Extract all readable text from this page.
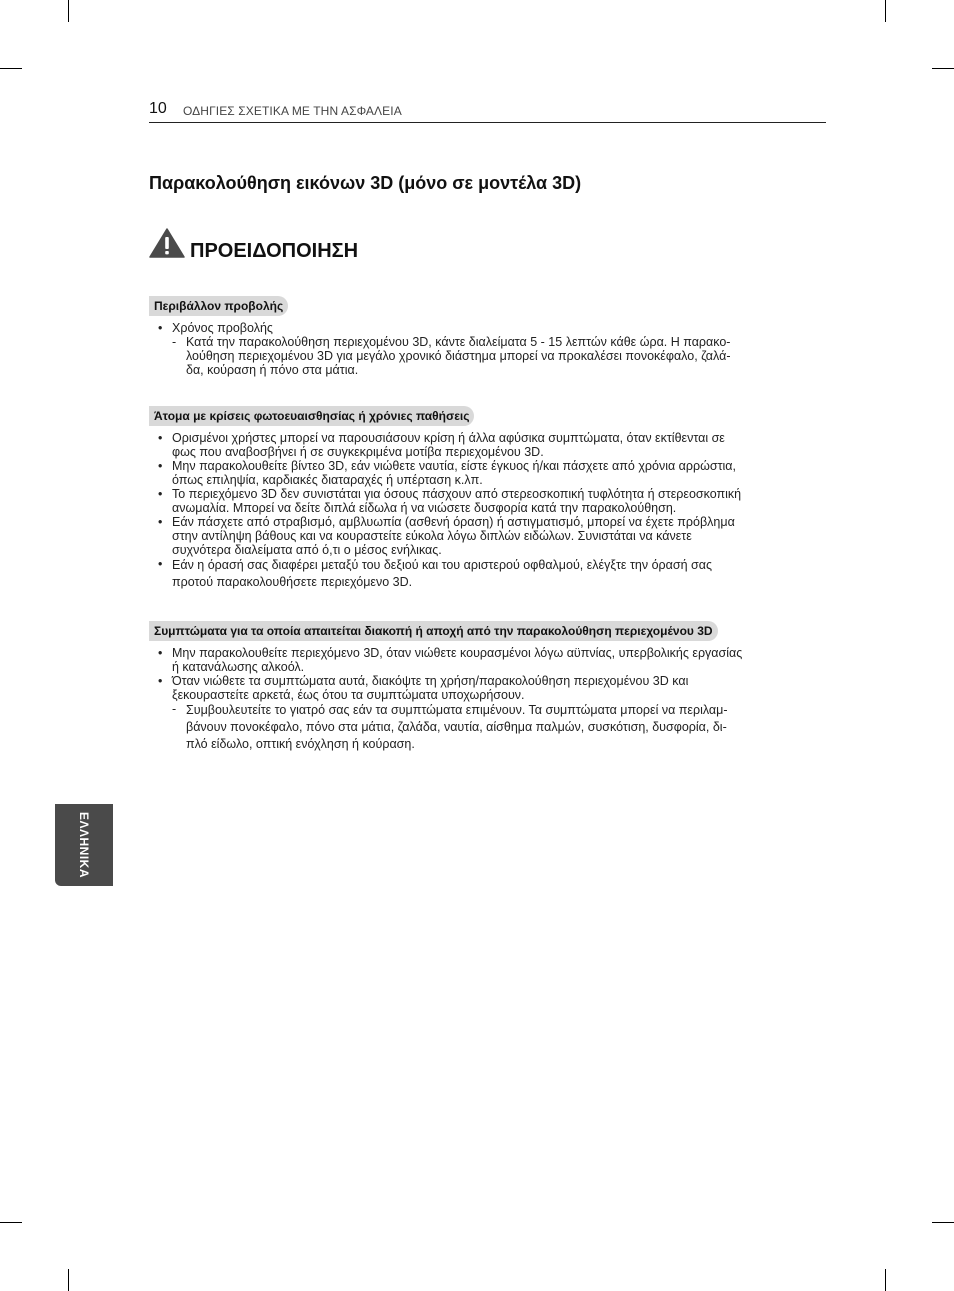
10 ΟΔΗΓΙΕΣ ΣΧΕΤΙΚΑ ΜΕ ΤΗΝ ΑΣΦΑΛΕΙΑ
Παρακολούθηση εικόνων 3D (μόνο σε μοντέλα 3D)
ΠΡΟΕΙΔΟΠΟΙΗΣΗ
Περιβάλλον προβολής
• Χρόνος προβολής
- Κατά την παρακολούθηση περιεχομένου 3D, κάντε διαλείματα 5 - 15 λεπτών κάθε ώρα. Η παρακο-
λούθηση περιεχομένου 3D για μεγάλο χρονικό διάστημα μπορεί να προκαλέσει πονοκέφαλο, ζαλά-
δα, κούραση ή πόνο στα μάτια.
Άτομα με κρίσεις φωτοευαισθησίας ή χρόνιες παθήσεις
• Ορισμένοι χρήστες μπορεί να παρουσιάσουν κρίση ή άλλα αφύσικα συμπτώματα, όταν εκτίθενται σε
φως που αναβοσβήνει ή σε συγκεκριμένα μοτίβα περιεχομένου 3D.
• Μην παρακολουθείτε βίντεο 3D, εάν νιώθετε ναυτία, είστε έγκυος ή/και πάσχετε από χρόνια αρρώστια,
όπως επιληψία, καρδιακές διαταραχές ή υπέρταση κ.λπ.
• Το περιεχόμενο 3D δεν συνιστάται για όσους πάσχουν από στερεοσκοπική τυφλότητα ή στερεοσκοπική
ανωμαλία. Μπορεί να δείτε διπλά είδωλα ή να νιώσετε δυσφορία κατά την παρακολούθηση.
• Εάν πάσχετε από στραβισμό, αμβλυωπία (ασθενή όραση) ή αστιγματισμό, μπορεί να έχετε πρόβλημα
στην αντίληψη βάθους και να κουραστείτε εύκολα λόγω διπλών ειδώλων. Συνιστάται να κάνετε
συχνότερα διαλείματα από ό,τι ο μέσος ενήλικας.
• Εάν η όρασή σας διαφέρει μεταξύ του δεξιού και του αριστερού οφθαλμού, ελέγξτε την όρασή σας
προτού παρακολουθήσετε περιεχόμενο 3D.
Συμπτώματα για τα οποία απαιτείται διακοπή ή αποχή από την παρακολούθηση περιεχομένου 3D
• Μην παρακολουθείτε περιεχόμενο 3D, όταν νιώθετε κουρασμένοι λόγω αϋπνίας, υπερβολικής εργασίας
ή κατανάλωσης αλκοόλ.
• Όταν νιώθετε τα συμπτώματα αυτά, διακόψτε τη χρήση/παρακολούθηση περιεχομένου 3D και
ξεκουραστείτε αρκετά, έως ότου τα συμπτώματα υποχωρήσουν.
- Συμβουλευτείτε το γιατρό σας εάν τα συμπτώματα επιμένουν. Τα συμπτώματα μπορεί να περιλαμ-
βάνουν πονοκέφαλο, πόνο στα μάτια, ζαλάδα, ναυτία, αίσθημα παλμών, συσκότιση, δυσφορία, δι-
πλό είδωλο, οπτική ενόχληση ή κούραση.
ΕΛΛΗΝΙΚΑ
